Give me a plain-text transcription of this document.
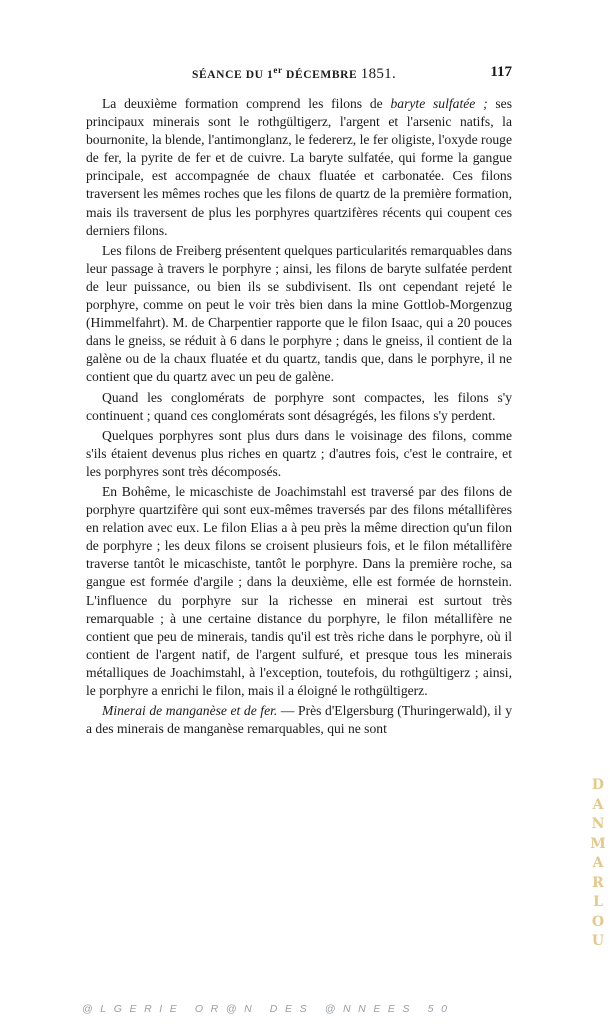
SÉANCE DU 1er DÉCEMBRE 1851.	117

La deuxième formation comprend les filons de baryte sulfatée ; ses principaux minerais sont le rothgültigerz, l'argent et l'arsenic natifs, la bournonite, la blende, l'antimonglanz, le federerz, le fer oligiste, l'oxyde rouge de fer, la pyrite de fer et de cuivre. La baryte sulfatée, qui forme la gangue principale, est accompagnée de chaux fluatée et carbonatée. Ces filons traversent les mêmes roches que les filons de quartz de la première formation, mais ils traversent de plus les porphyres quartzifères récents qui coupent ces derniers filons.

Les filons de Freiberg présentent quelques particularités remarquables dans leur passage à travers le porphyre ; ainsi, les filons de baryte sulfatée perdent de leur puissance, ou bien ils se subdivisent. Ils ont cependant rejeté le porphyre, comme on peut le voir très bien dans la mine Gottlob-Morgenzug (Himmelfahrt). M. de Charpentier rapporte que le filon Isaac, qui a 20 pouces dans le gneiss, se réduit à 6 dans le porphyre ; dans le gneiss, il contient de la galène ou de la chaux fluatée et du quartz, tandis que, dans le porphyre, il ne contient que du quartz avec un peu de galène.

Quand les conglomérats de porphyre sont compactes, les filons s'y continuent ; quand ces conglomérats sont désagrégés, les filons s'y perdent.

Quelques porphyres sont plus durs dans le voisinage des filons, comme s'ils étaient devenus plus riches en quartz ; d'autres fois, c'est le contraire, et les porphyres sont très décomposés.

En Bohême, le micaschiste de Joachimstahl est traversé par des filons de porphyre quartzifère qui sont eux-mêmes traversés par des filons métallifères en relation avec eux. Le filon Elias a à peu près la même direction qu'un filon de porphyre ; les deux filons se croisent plusieurs fois, et le filon métallifère traverse tantôt le micaschiste, tantôt le porphyre. Dans la première roche, sa gangue est formée d'argile ; dans la deuxième, elle est formée de hornstein. L'influence du porphyre sur la richesse en minerai est surtout très remarquable ; à une certaine distance du porphyre, le filon métallifère ne contient que peu de minerais, tandis qu'il est très riche dans le porphyre, où il contient de l'argent natif, de l'argent sulfuré, et presque tous les minerais métalliques de Joachimstahl, à l'exception, toutefois, du rothgültigerz ; ainsi, le porphyre a enrichi le filon, mais il a éloigné le rothgültigerz.

Minerai de manganèse et de fer. — Près d'Elgersburg (Thuringerwald), il y a des minerais de manganèse remarquables, qui ne sont

@LGERIE OR@N DES @NNEES 50
DANMARLOU
